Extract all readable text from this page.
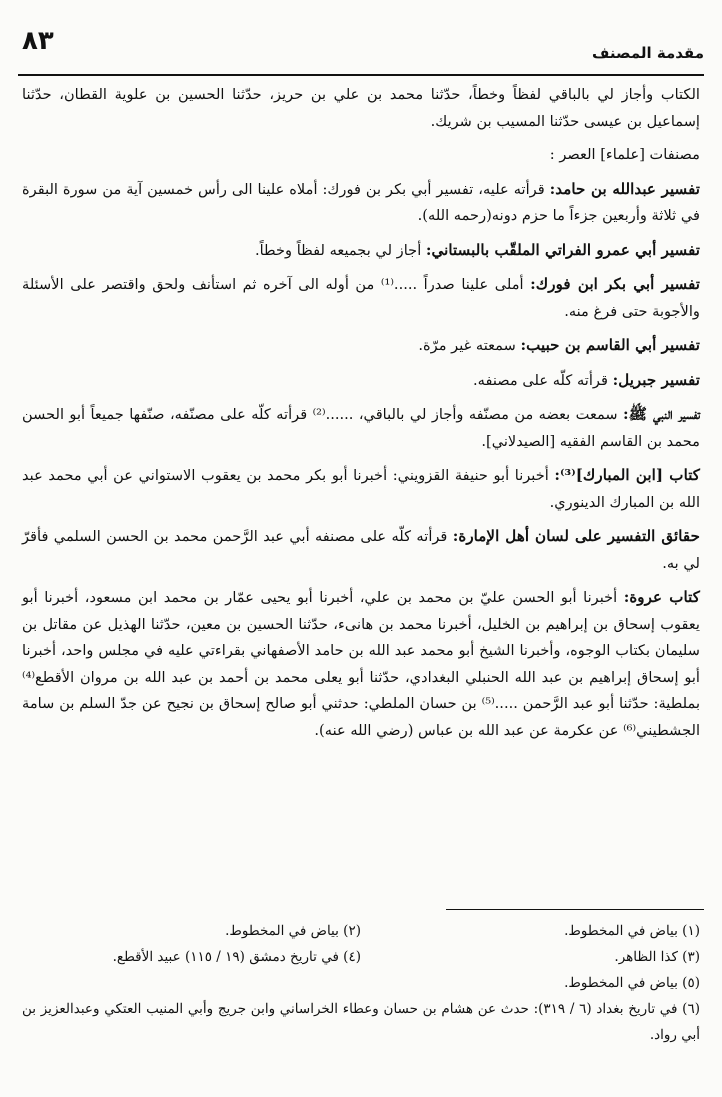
٨٣	مقدمة المصنف

الكتاب وأجاز لي بالباقي لفظاً وخطاً، حدّثنا محمد بن علي بن حريز، حدّثنا الحسين بن علوية القطان، حدّثنا إسماعيل بن عيسى حدّثنا المسيب بن شريك.

مصنفات [علماء] العصر :

تفسير عبدالله بن حامد: قرأته عليه، تفسير أبي بكر بن فورك: أملاه علينا الى رأس خمسين آية من سورة البقرة في ثلاثة وأربعين جزءاً ما حزم دونه(رحمه الله).

تفسير أبي عمرو الفراتي الملقّب بالبستاني: أجاز لي بجميعه لفظاً وخطاً.

تفسير أبي بكر ابن فورك: أملى علينا صدراً .....⁽¹⁾ من أوله الى آخره ثم استأنف ولحق واقتصر على الأسئلة والأجوبة حتى فرغ منه.

تفسير أبي القاسم بن حبيب: سمعته غير مرّة.

تفسير جبريل: قرأته كلّه على مصنفه.

تفسير النبي ﷺ: سمعت بعضه من مصنّفه وأجاز لي بالباقي، ......⁽²⁾ قرأته كلّه على مصنّفه، صنّفها جميعاً أبو الحسن محمد بن القاسم الفقيه [الصيدلاني].

كتاب [ابن المبارك]⁽³⁾: أخبرنا أبو حنيفة القزويني: أخبرنا أبو بكر محمد بن يعقوب الاستواني عن أبي محمد عبد الله بن المبارك الدينوري.

حقائق التفسير على لسان أهل الإمارة: قرأته كلّه على مصنفه أبي عبد الرَّحمن محمد بن الحسن السلمي فأقرّ لي به.

كتاب عروة: أخبرنا أبو الحسن عليّ بن محمد بن علي، أخبرنا أبو يحيى عمّار بن محمد ابن مسعود، أخبرنا أبو يعقوب إسحاق بن إبراهيم بن الخليل، أخبرنا محمد بن هانىء، حدّثنا الحسين بن معين، حدّثنا الهذيل عن مقاتل بن سليمان بكتاب الوجوه، وأخبرنا الشيخ أبو محمد عبد الله بن حامد الأصفهاني بقراءتي عليه في مجلس واحد، أخبرنا أبو إسحاق إبراهيم بن عبد الله الحنبلي البغدادي، حدّثنا أبو يعلى محمد بن أحمد بن عبد الله بن مروان الأقطع⁽⁴⁾ بملطية: حدّثنا أبو عبد الرَّحمن .....⁽⁵⁾ بن حسان الملطي: حدثني أبو صالح إسحاق بن نجيح عن جدّ السلم بن سامة الجشطيني⁽⁶⁾ عن عكرمة عن عبد الله بن عباس (رضي الله عنه).

(١) بياض في المخطوط.
(٢) بياض في المخطوط.
(٣) كذا الظاهر.
(٤) في تاريخ دمشق (١٩ / ١١٥) عبيد الأقطع.
(٥) بياض في المخطوط.
(٦) في تاريخ بغداد (٦ / ٣١٩): حدث عن هشام بن حسان وعطاء الخراساني وابن جريج وأبي المنيب العتكي وعبدالعزيز بن أبي رواد.
